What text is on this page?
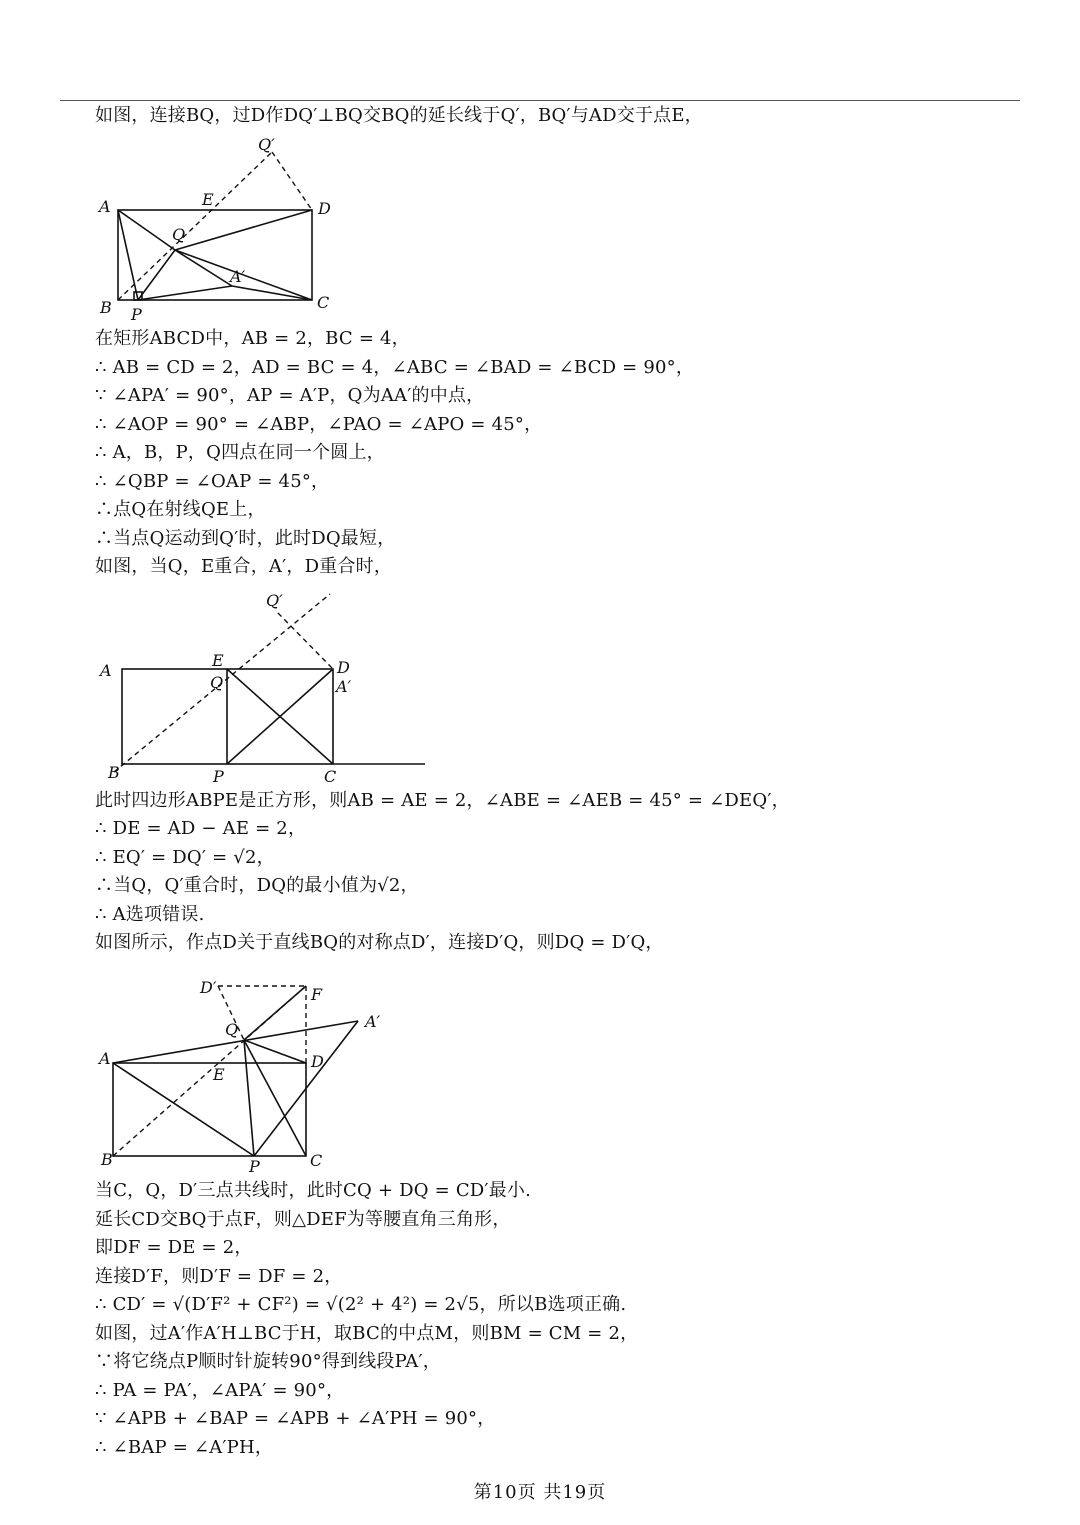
如图，连接BQ，过D作DQ′⊥BQ交BQ的延长线于Q′，BQ′与AD交于点E，
在矩形ABCD中，AB = 2，BC = 4，
∴ AB = CD = 2，AD = BC = 4，∠ABC = ∠BAD = ∠BCD = 90°，
∵ ∠APA′ = 90°，AP = A′P，Q为AA′的中点，
∴ ∠AOP = 90° = ∠ABP，∠PAO = ∠APO = 45°，
∴ A，B，P，Q四点在同一个圆上，
∴ ∠QBP = ∠OAP = 45°，
∴点Q在射线QE上，
∴当点Q运动到Q′时，此时DQ最短，
如图，当Q，E重合，A′，D重合时，
此时四边形ABPE是正方形，则AB = AE = 2，∠ABE = ∠AEB = 45° = ∠DEQ′，
∴ DE = AD − AE = 2，
∴ EQ′ = DQ′ = √2，
∴当Q，Q′重合时，DQ的最小值为√2，
∴ A选项错误.
如图所示，作点D关于直线BQ的对称点D′，连接D′Q，则DQ = D′Q，
当C，Q，D′三点共线时，此时CQ + DQ = CD′最小.
延长CD交BQ于点F，则△DEF为等腰直角三角形，
即DF = DE = 2，
连接D′F，则D′F = DF = 2，
∴ CD′ = √(D′F² + CF²) = √(2² + 4²) = 2√5，所以B选项正确.
如图，过A′作A′H⊥BC于H，取BC的中点M，则BM = CM = 2，
∵将它绕点P顺时针旋转90°得到线段PA′，
∴ PA = PA′，∠APA′ = 90°，
∵ ∠APB + ∠BAP = ∠APB + ∠A′PH = 90°，
∴ ∠BAP = ∠A′PH，
Q′
A	E	D
Q
A′
B P
C
Q′
A
E	D
Q	A′
B	P	C
D′	F
A′
Q
A
E
D
B	P	C
第10页 共19页
